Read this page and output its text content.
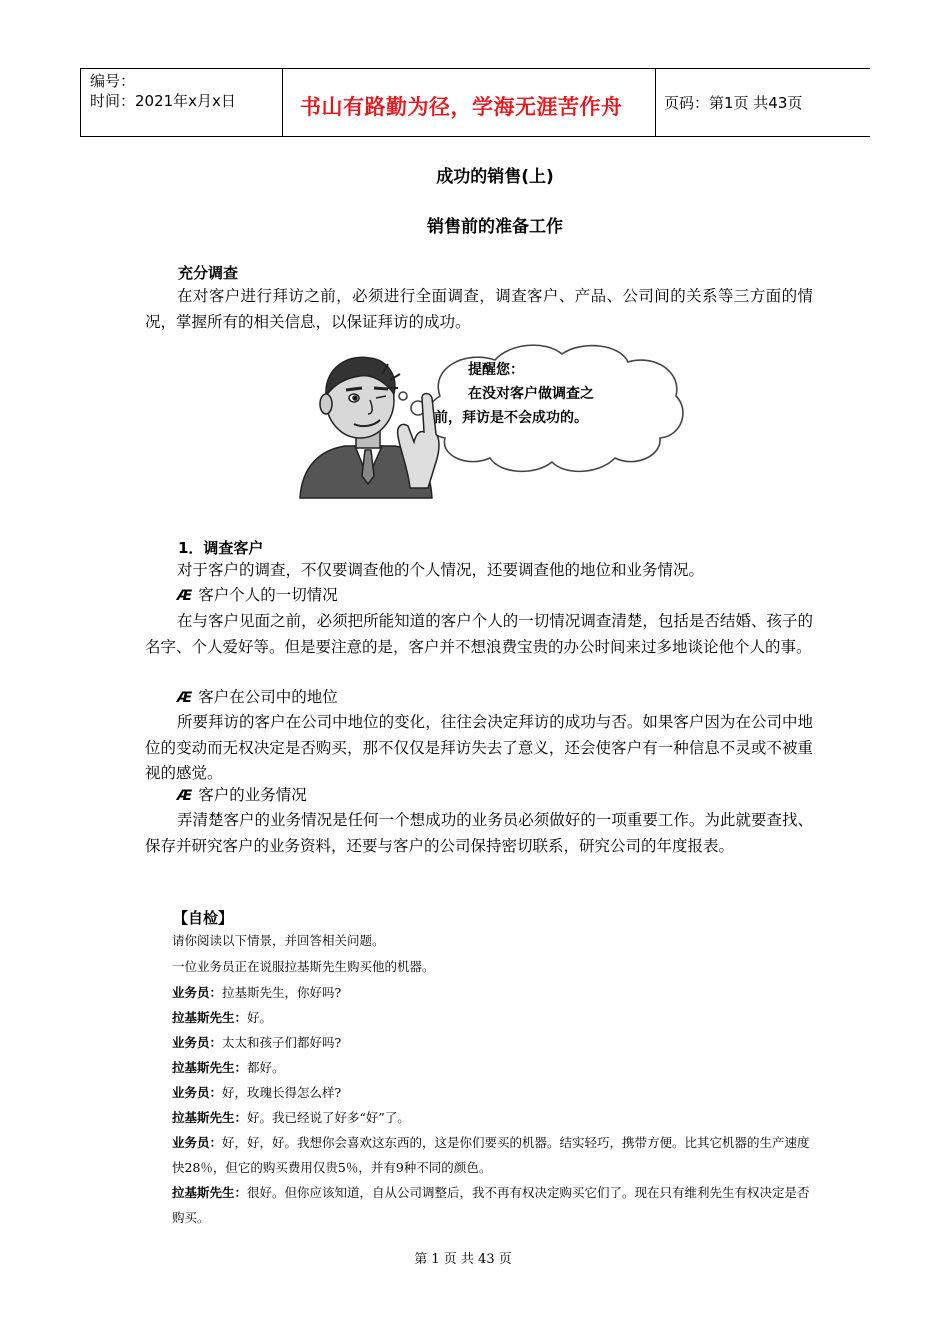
编号：
时间：2021年x月x日	书山有路勤为径，学海无涯苦作舟	页码：第1页 共43页
成功的销售(上)
销售前的准备工作
充分调查
在对客户进行拜访之前，必须进行全面调查，调查客户、产品、公司间的关系等三方面的情况，掌握所有的相关信息，以保证拜访的成功。
提醒您：
在没对客户做调查之
前，拜访是不会成功的。
1．调查客户
对于客户的调查，不仅要调查他的个人情况，还要调查他的地位和业务情况。
Æ 客户个人的一切情况
在与客户见面之前，必须把所能知道的客户个人的一切情况调查清楚，包括是否结婚、孩子的名字、个人爱好等。但是要注意的是，客户并不想浪费宝贵的办公时间来过多地谈论他个人的事。
Æ 客户在公司中的地位
所要拜访的客户在公司中地位的变化，往往会决定拜访的成功与否。如果客户因为在公司中地位的变动而无权决定是否购买，那不仅仅是拜访失去了意义，还会使客户有一种信息不灵或不被重视的感觉。
Æ 客户的业务情况
弄清楚客户的业务情况是任何一个想成功的业务员必须做好的一项重要工作。为此就要查找、保存并研究客户的业务资料，还要与客户的公司保持密切联系，研究公司的年度报表。
【自检】
请你阅读以下情景，并回答相关问题。
一位业务员正在说服拉基斯先生购买他的机器。
业务员：拉基斯先生，你好吗?
拉基斯先生：好。
业务员：太太和孩子们都好吗?
拉基斯先生：都好。
业务员：好，玫瑰长得怎么样?
拉基斯先生：好。我已经说了好多“好”了。
业务员：好，好，好。我想你会喜欢这东西的，这是你们要买的机器。结实轻巧，携带方便。比其它机器的生产速度快28％，但它的购买费用仅贵5％，并有9种不同的颜色。
拉基斯先生：很好。但你应该知道，自从公司调整后，我不再有权决定购买它们了。现在只有维利先生有权决定是否购买。
第 1 页 共 43 页
